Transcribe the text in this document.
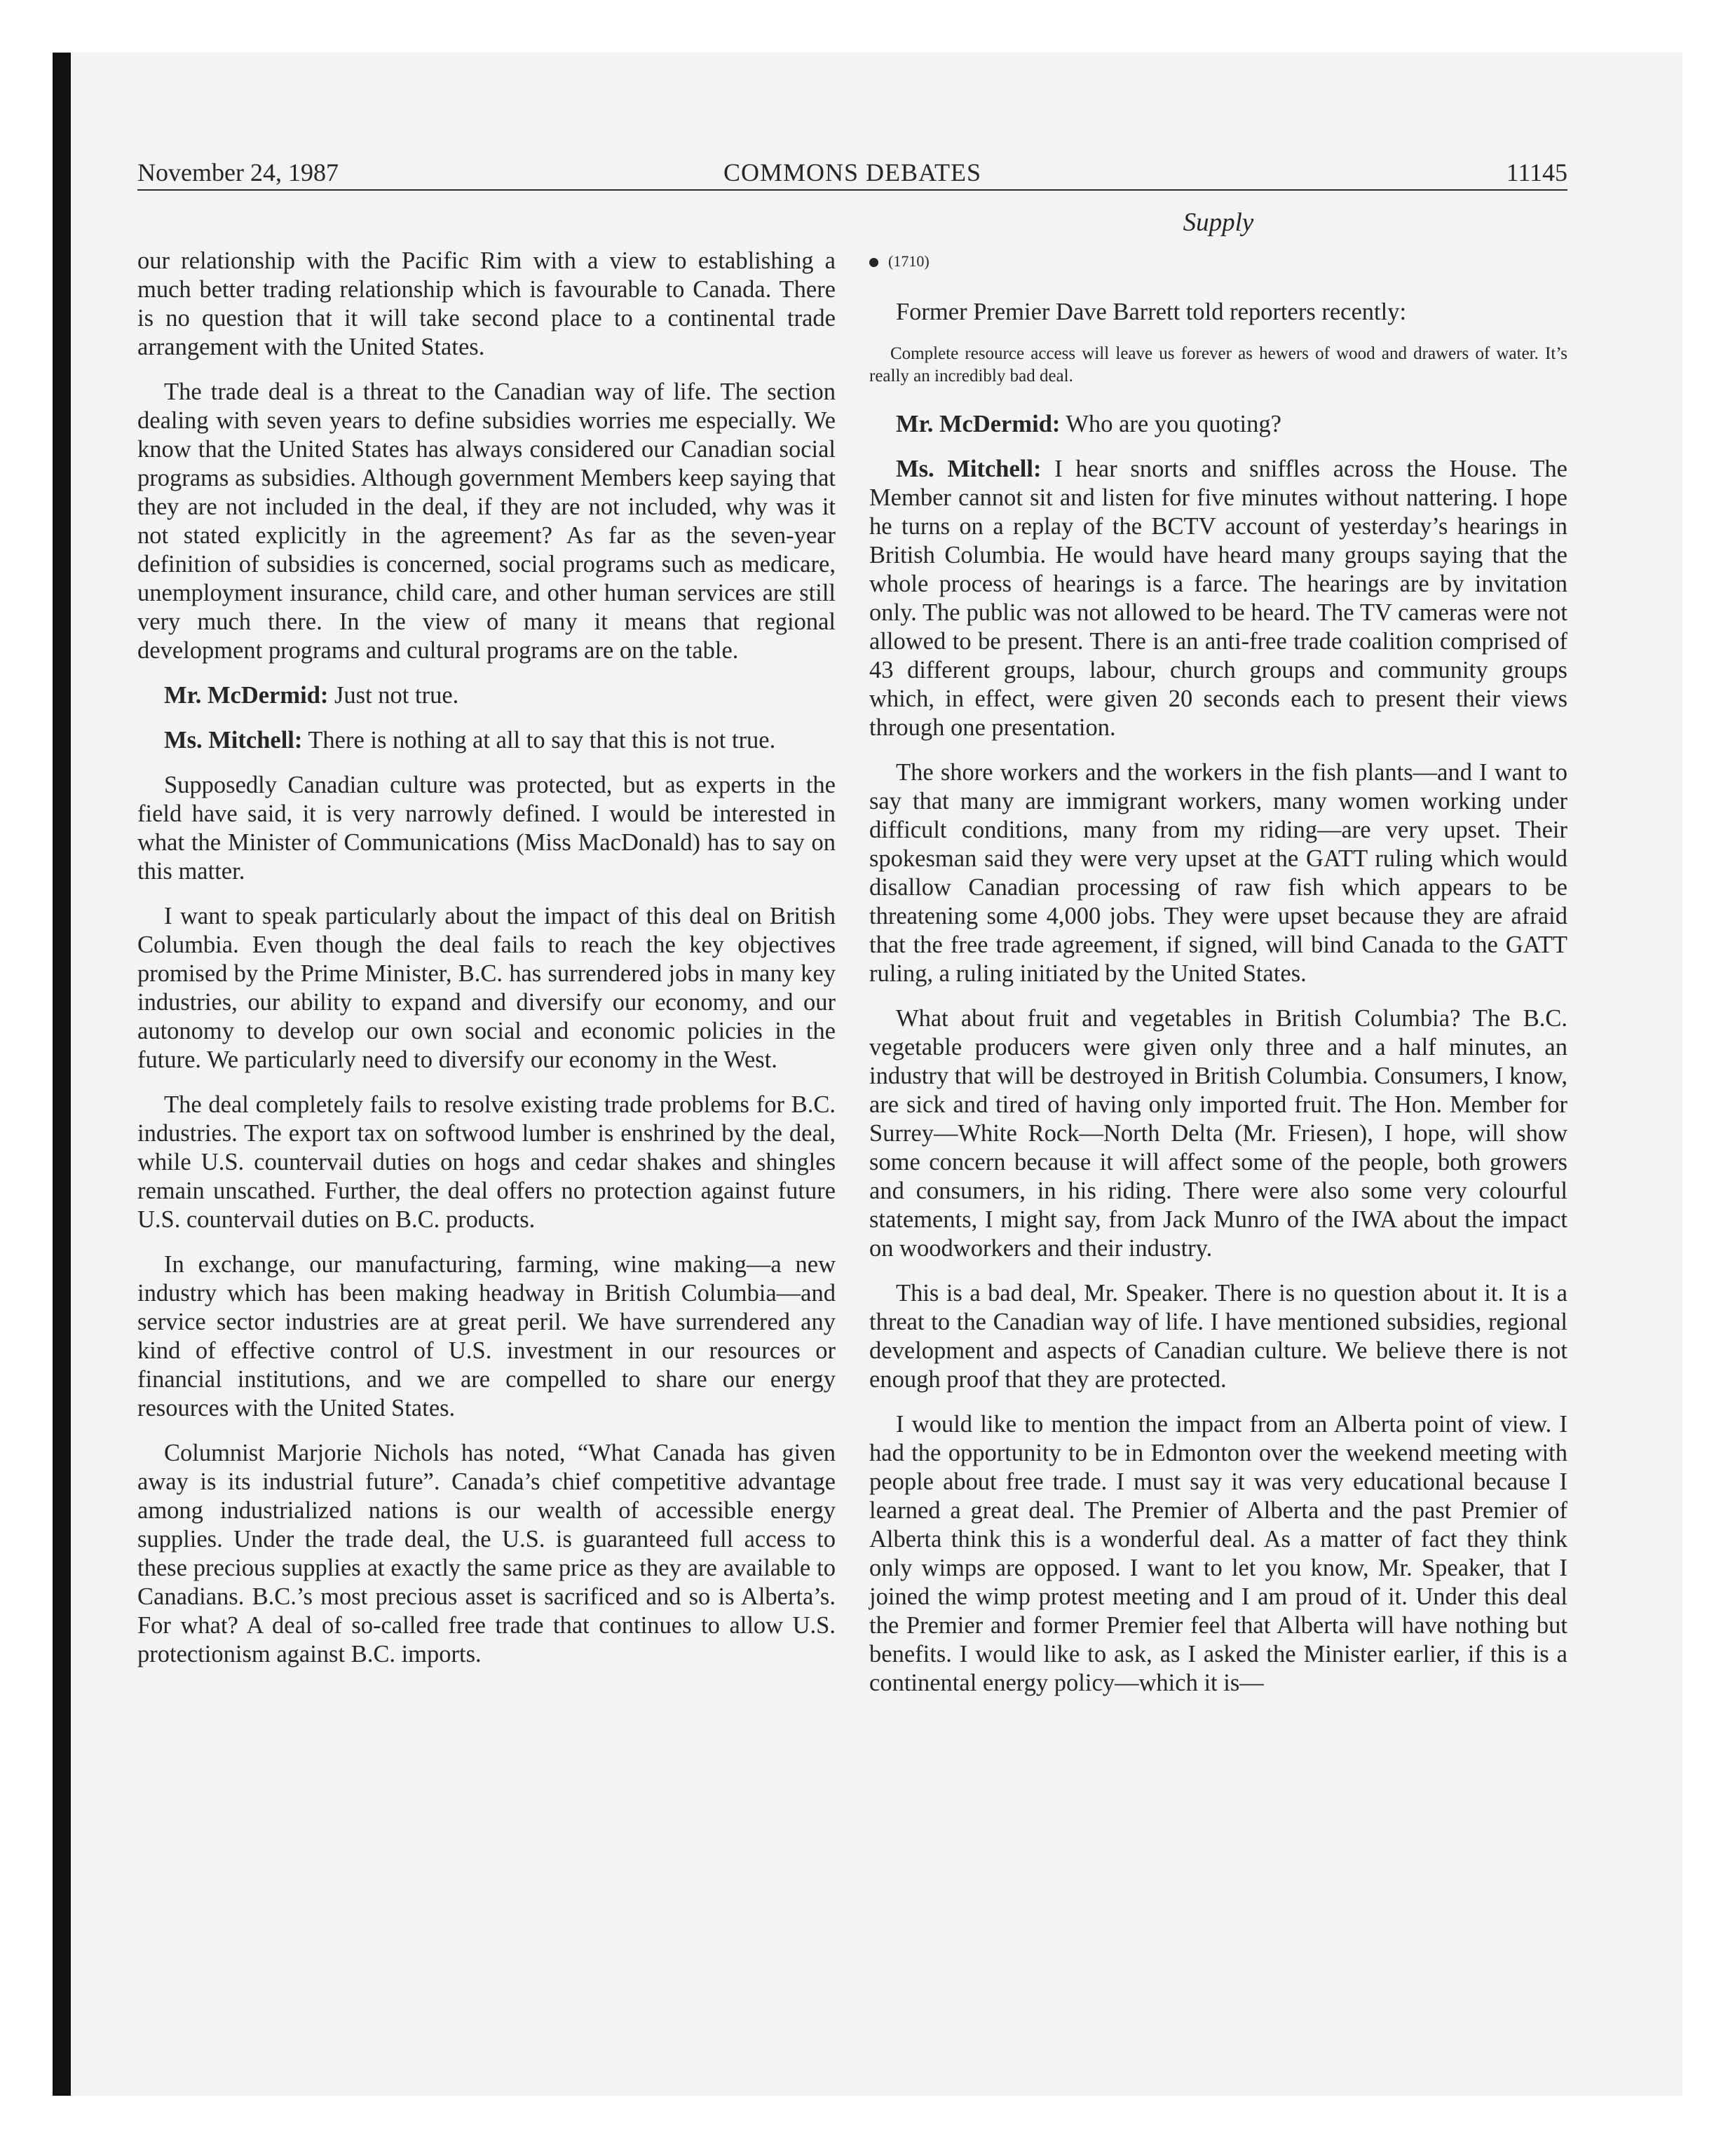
November 24, 1987	COMMONS DEBATES	11145
Supply

our relationship with the Pacific Rim with a view to establishing a much better trading relationship which is favourable to Canada. There is no question that it will take second place to a continental trade arrangement with the United States.

The trade deal is a threat to the Canadian way of life. The section dealing with seven years to define subsidies worries me especially. We know that the United States has always considered our Canadian social programs as subsidies. Although government Members keep saying that they are not included in the deal, if they are not included, why was it not stated explicitly in the agreement? As far as the seven-year definition of subsidies is concerned, social programs such as medicare, unemployment insurance, child care, and other human services are still very much there. In the view of many it means that regional development programs and cultural programs are on the table.

Mr. McDermid: Just not true.

Ms. Mitchell: There is nothing at all to say that this is not true.

Supposedly Canadian culture was protected, but as experts in the field have said, it is very narrowly defined. I would be interested in what the Minister of Communications (Miss MacDonald) has to say on this matter.

I want to speak particularly about the impact of this deal on British Columbia. Even though the deal fails to reach the key objectives promised by the Prime Minister, B.C. has surrendered jobs in many key industries, our ability to expand and diversify our economy, and our autonomy to develop our own social and economic policies in the future. We particularly need to diversify our economy in the West.

The deal completely fails to resolve existing trade problems for B.C. industries. The export tax on softwood lumber is enshrined by the deal, while U.S. countervail duties on hogs and cedar shakes and shingles remain unscathed. Further, the deal offers no protection against future U.S. countervail duties on B.C. products.

In exchange, our manufacturing, farming, wine making—a new industry which has been making headway in British Columbia—and service sector industries are at great peril. We have surrendered any kind of effective control of U.S. investment in our resources or financial institutions, and we are compelled to share our energy resources with the United States.

Columnist Marjorie Nichols has noted, “What Canada has given away is its industrial future”. Canada’s chief competitive advantage among industrialized nations is our wealth of accessible energy supplies. Under the trade deal, the U.S. is guaranteed full access to these precious supplies at exactly the same price as they are available to Canadians. B.C.’s most precious asset is sacrificed and so is Alberta’s. For what? A deal of so-called free trade that continues to allow U.S. protectionism against B.C. imports.

(1710)

Former Premier Dave Barrett told reporters recently:

Complete resource access will leave us forever as hewers of wood and drawers of water. It’s really an incredibly bad deal.

Mr. McDermid: Who are you quoting?

Ms. Mitchell: I hear snorts and sniffles across the House. The Member cannot sit and listen for five minutes without nattering. I hope he turns on a replay of the BCTV account of yesterday’s hearings in British Columbia. He would have heard many groups saying that the whole process of hearings is a farce. The hearings are by invitation only. The public was not allowed to be heard. The TV cameras were not allowed to be present. There is an anti-free trade coalition comprised of 43 different groups, labour, church groups and community groups which, in effect, were given 20 seconds each to present their views through one presentation.

The shore workers and the workers in the fish plants—and I want to say that many are immigrant workers, many women working under difficult conditions, many from my riding—are very upset. Their spokesman said they were very upset at the GATT ruling which would disallow Canadian processing of raw fish which appears to be threatening some 4,000 jobs. They were upset because they are afraid that the free trade agreement, if signed, will bind Canada to the GATT ruling, a ruling initiated by the United States.

What about fruit and vegetables in British Columbia? The B.C. vegetable producers were given only three and a half minutes, an industry that will be destroyed in British Columbia. Consumers, I know, are sick and tired of having only imported fruit. The Hon. Member for Surrey—White Rock—North Delta (Mr. Friesen), I hope, will show some concern because it will affect some of the people, both growers and consumers, in his riding. There were also some very colourful statements, I might say, from Jack Munro of the IWA about the impact on woodworkers and their industry.

This is a bad deal, Mr. Speaker. There is no question about it. It is a threat to the Canadian way of life. I have mentioned subsidies, regional development and aspects of Canadian culture. We believe there is not enough proof that they are protected.

I would like to mention the impact from an Alberta point of view. I had the opportunity to be in Edmonton over the weekend meeting with people about free trade. I must say it was very educational because I learned a great deal. The Premier of Alberta and the past Premier of Alberta think this is a wonderful deal. As a matter of fact they think only wimps are opposed. I want to let you know, Mr. Speaker, that I joined the wimp protest meeting and I am proud of it. Under this deal the Premier and former Premier feel that Alberta will have nothing but benefits. I would like to ask, as I asked the Minister earlier, if this is a continental energy policy—which it is—
